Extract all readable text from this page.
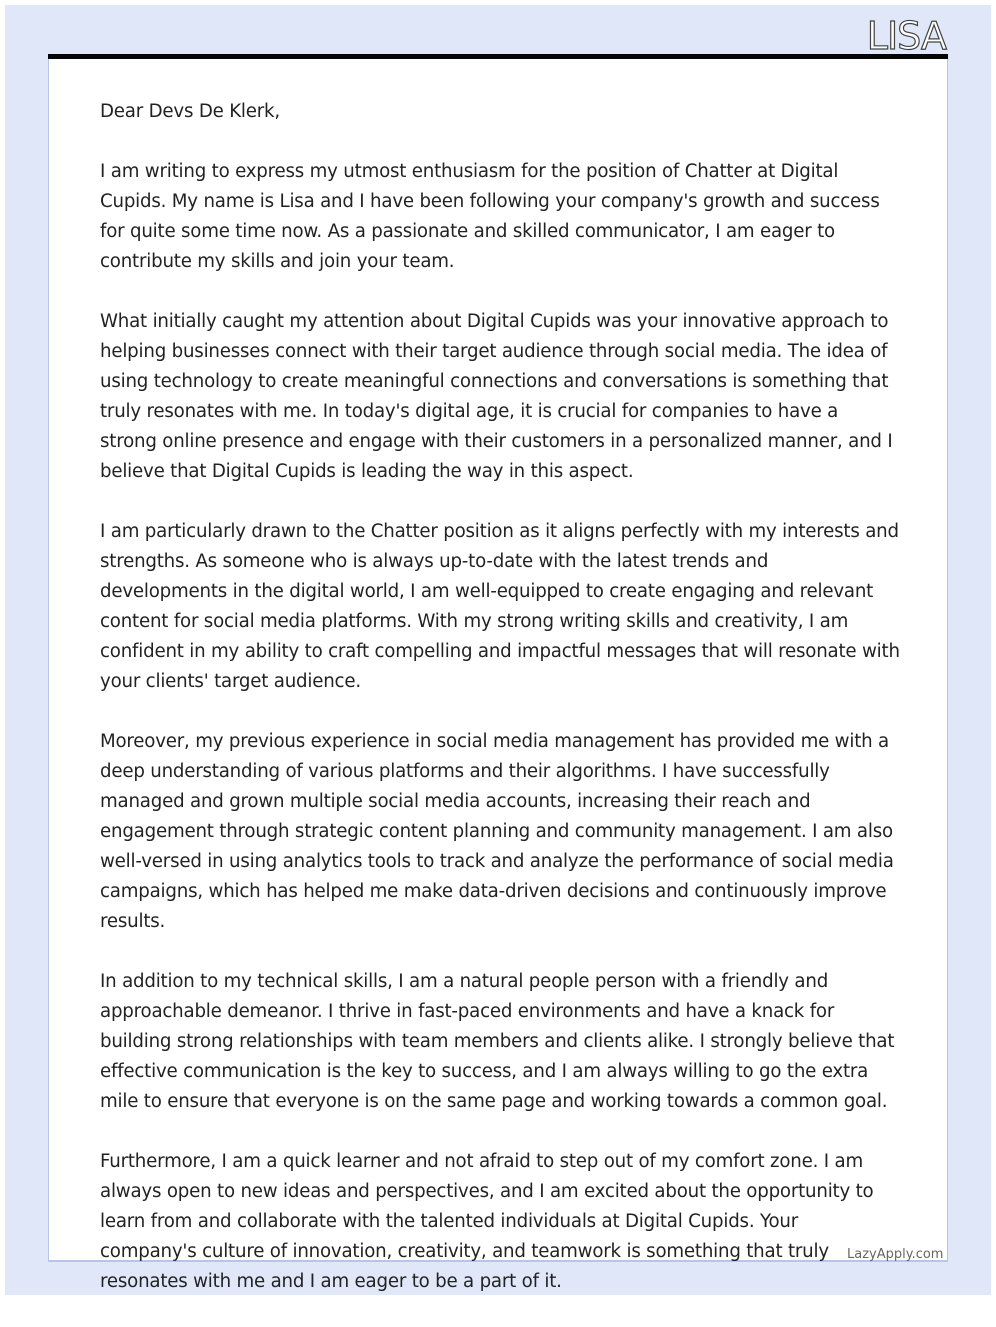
LISA

Dear Devs De Klerk,

I am writing to express my utmost enthusiasm for the position of Chatter at Digital Cupids. My name is Lisa and I have been following your company's growth and success for quite some time now. As a passionate and skilled communicator, I am eager to contribute my skills and join your team.

What initially caught my attention about Digital Cupids was your innovative approach to helping businesses connect with their target audience through social media. The idea of using technology to create meaningful connections and conversations is something that truly resonates with me. In today's digital age, it is crucial for companies to have a strong online presence and engage with their customers in a personalized manner, and I believe that Digital Cupids is leading the way in this aspect.

I am particularly drawn to the Chatter position as it aligns perfectly with my interests and strengths. As someone who is always up-to-date with the latest trends and developments in the digital world, I am well-equipped to create engaging and relevant content for social media platforms. With my strong writing skills and creativity, I am confident in my ability to craft compelling and impactful messages that will resonate with your clients' target audience.

Moreover, my previous experience in social media management has provided me with a deep understanding of various platforms and their algorithms. I have successfully managed and grown multiple social media accounts, increasing their reach and engagement through strategic content planning and community management. I am also well-versed in using analytics tools to track and analyze the performance of social media campaigns, which has helped me make data-driven decisions and continuously improve results.

In addition to my technical skills, I am a natural people person with a friendly and approachable demeanor. I thrive in fast-paced environments and have a knack for building strong relationships with team members and clients alike. I strongly believe that effective communication is the key to success, and I am always willing to go the extra mile to ensure that everyone is on the same page and working towards a common goal.

Furthermore, I am a quick learner and not afraid to step out of my comfort zone. I am always open to new ideas and perspectives, and I am excited about the opportunity to learn from and collaborate with the talented individuals at Digital Cupids. Your company's culture of innovation, creativity, and teamwork is something that truly resonates with me and I am eager to be a part of it.

LazyApply.com
